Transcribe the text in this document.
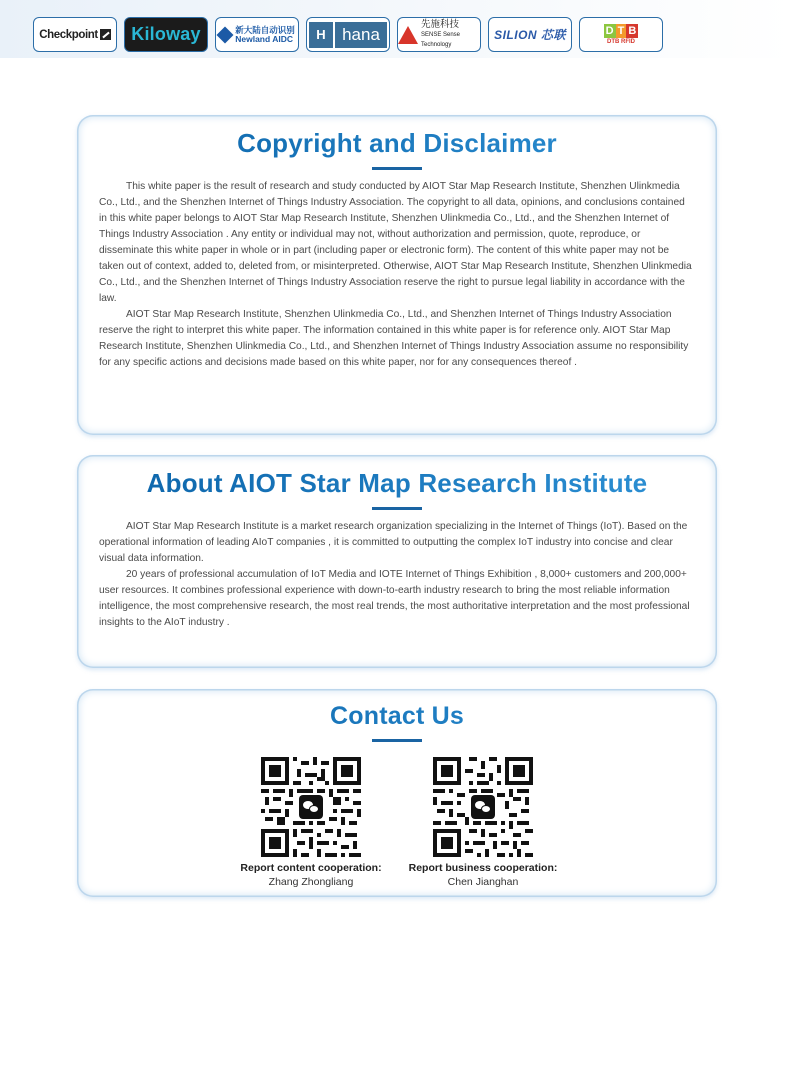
Checkpoint Kiloway	新大陆自动识别
Newland AIDC	H hana
先施科技
SENSE Sense Technology
SILION 芯联	D T B
DTB RFID
Copyright and Disclaimer

This white paper is the result of research and study conducted by AIOT Star Map Research Institute, Shenzhen Ulinkmedia Co., Ltd., and the Shenzhen Internet of Things Industry Association. The copyright to all data, opinions, and conclusions contained in this white paper belongs to AIOT Star Map Research Institute, Shenzhen Ulinkmedia Co., Ltd., and the Shenzhen Internet of Things Industry Association . Any entity or individual may not, without authorization and permission, quote, reproduce, or disseminate this white paper in whole or in part (including paper or electronic form). The content of this white paper may not be taken out of context, added to, deleted from, or misinterpreted. Otherwise, AIOT Star Map Research Institute, Shenzhen Ulinkmedia Co., Ltd., and the Shenzhen Internet of Things Industry Association reserve the right to pursue legal liability in accordance with the law.

AIOT Star Map Research Institute, Shenzhen Ulinkmedia Co., Ltd., and Shenzhen Internet of Things Industry Association reserve the right to interpret this white paper. The information contained in this white paper is for reference only. AIOT Star Map Research Institute, Shenzhen Ulinkmedia Co., Ltd., and Shenzhen Internet of Things Industry Association assume no responsibility for any specific actions and decisions made based on this white paper, nor for any consequences thereof .

About AIOT Star Map Research Institute

AIOT Star Map Research Institute is a market research organization specializing in the Internet of Things (IoT). Based on the operational information of leading AIoT companies , it is committed to outputting the complex IoT industry into concise and clear visual data information.

20 years of professional accumulation of IoT Media and IOTE Internet of Things Exhibition , 8,000+ customers and 200,000+ user resources. It combines professional experience with down-to-earth industry research to bring the most reliable information intelligence, the most comprehensive research, the most real trends, the most authoritative interpretation and the most professional insights to the AIoT industry .

Contact Us
Report content cooperation:
Zhang Zhongliang
Report business cooperation:
Chen Jianghan
